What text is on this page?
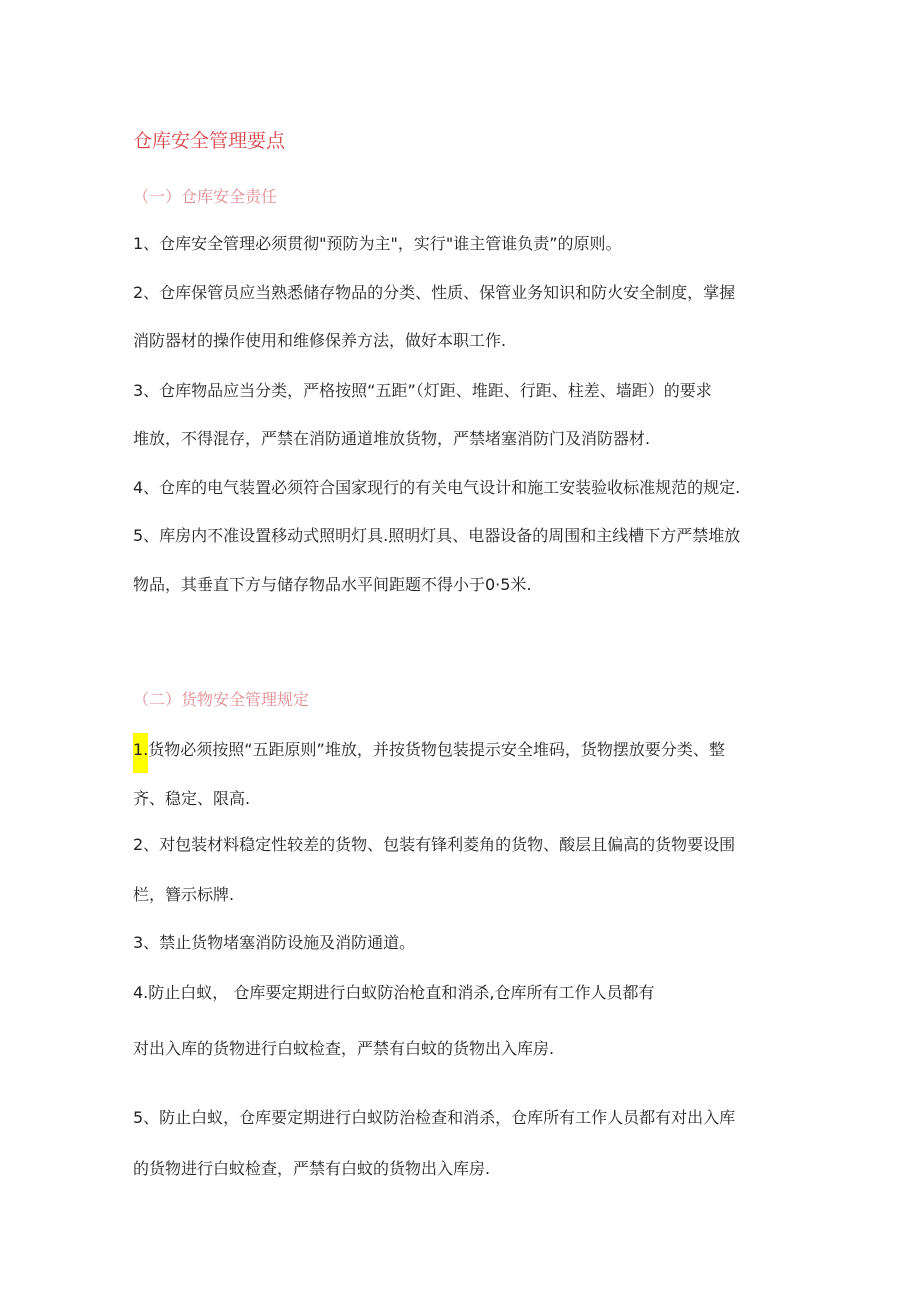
仓库安全管理要点
（一）仓库安全责任
1、仓库安全管理必须贯彻"预防为主"，实行"谁主管谁负责”的原则。
2、仓库保管员应当熟悉储存物品的分类、性质、保管业务知识和防火安全制度，掌握
消防器材的操作使用和维修保养方法，做好本职工作.
3、仓库物品应当分类，严格按照“五距”（灯距、堆距、行距、柱差、墙距）的要求
堆放，不得混存，严禁在消防通道堆放货物，严禁堵塞消防门及消防器材.
4、仓库的电气装置必须符合国家现行的有关电气设计和施工安装验收标准规范的规定.
5、库房内不准设置移动式照明灯具.照明灯具、电器设备的周围和主线槽下方严禁堆放
物品，其垂直下方与储存物品水平间距题不得小于0·5米.
（二）货物安全管理规定
1.货物必须按照“五距原则”堆放，并按货物包装提示安全堆码，货物摆放要分类、整
齐、稳定、限高.
2、对包装材料稳定性较差的货物、包装有锋利菱角的货物、酸层且偏高的货物要设围
栏，簪示标牌.
3、禁止货物堵塞消防设施及消防通道。
4.防止白蚁， 仓库要定期进行白蚁防治枪直和消杀,仓库所有工作人员都有
对出入库的货物进行白蚊检查，严禁有白蚊的货物出入库房.
5、防止白蚁，仓库要定期进行白蚁防治检查和消杀，仓库所有工作人员都有对出入库
的货物进行白蚊检查，严禁有白蚊的货物出入库房.
